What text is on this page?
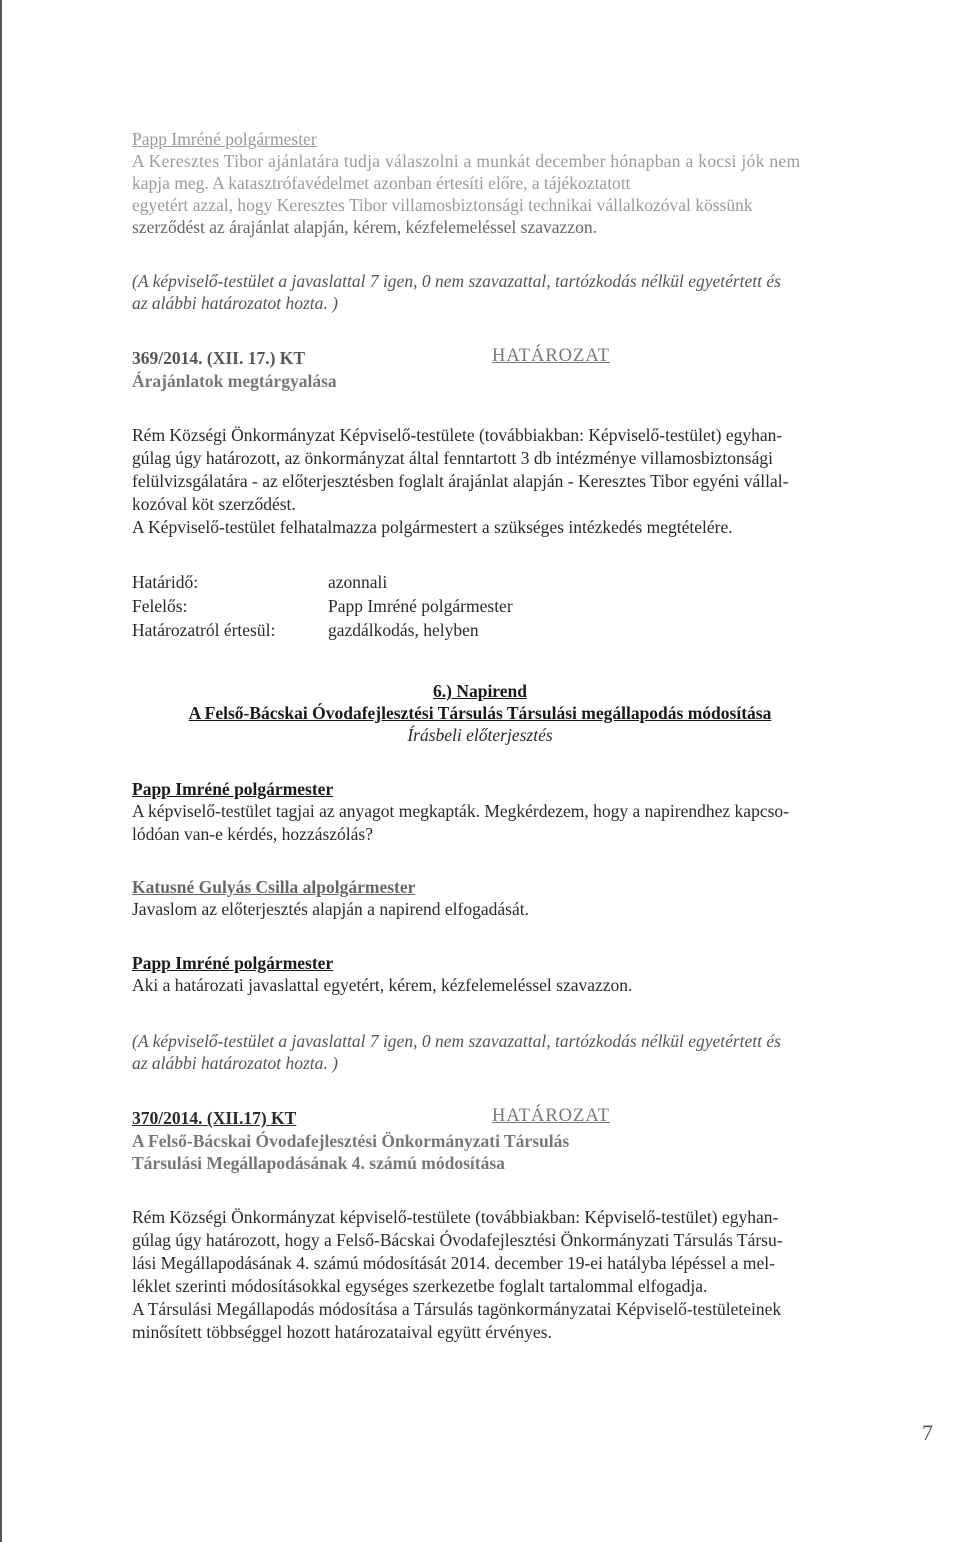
Papp Imréné polgármester
A Keresztes Tibor ajánlatára tudja válaszolni a munkát december hónapban a kocsi jók nem
kapja meg. A katasztrófavédelmet azonban értesíti előre, a tájékoztatott
egyetért azzal, hogy Keresztes Tibor villamosbiztonsági technikai vállalkozóval kössünk
szerződést az árajánlat alapján, kérem, kézfelemeléssel szavazzon.
(A képviselő-testület a javaslattal 7 igen, 0 nem szavazattal, tartózkodás nélkül egyetértett és
az alábbi határozatot hozta. )
369/2014. (XII. 17.) KT	HATÁROZAT
Árajánlatok megtárgyalása
Rém Községi Önkormányzat Képviselő-testülete (továbbiakban: Képviselő-testület) egyhan-
gúlag úgy határozott, az önkormányzat által fenntartott 3 db intézménye villamosbiztonsági
felülvizsgálatára - az előterjesztésben foglalt árajánlat alapján - Keresztes Tibor egyéni vállal-
kozóval köt szerződést.
A Képviselő-testület felhatalmazza polgármestert a szükséges intézkedés megtételére.
Határidő:	azonnali
Felelős:	Papp Imréné polgármester
Határozatról értesül:	gazdálkodás, helyben
6.) Napirend
A Felső-Bácskai Óvodafejlesztési Társulás Társulási megállapodás módosítása
Írásbeli előterjesztés
Papp Imréné polgármester
A képviselő-testület tagjai az anyagot megkapták. Megkérdezem, hogy a napirendhez kapcso-
lódóan van-e kérdés, hozzászólás?
Katusné Gulyás Csilla alpolgármester
Javaslom az előterjesztés alapján a napirend elfogadását.
Papp Imréné polgármester
Aki a határozati javaslattal egyetért, kérem, kézfelemeléssel szavazzon.
(A képviselő-testület a javaslattal 7 igen, 0 nem szavazattal, tartózkodás nélkül egyetértett és
az alábbi határozatot hozta. )
370/2014. (XII.17) KT	HATÁROZAT
A Felső-Bácskai Óvodafejlesztési Önkormányzati Társulás
Társulási Megállapodásának 4. számú módosítása
Rém Községi Önkormányzat képviselő-testülete (továbbiakban: Képviselő-testület) egyhan-
gúlag úgy határozott, hogy a Felső-Bácskai Óvodafejlesztési Önkormányzati Társulás Társu-
lási Megállapodásának 4. számú módosítását 2014. december 19-ei hatályba lépéssel a mel-
léklet szerinti módosításokkal egységes szerkezetbe foglalt tartalommal elfogadja.
A Társulási Megállapodás módosítása a Társulás tagönkormányzatai Képviselő-testületeinek
minősített többséggel hozott határozataival együtt érvényes.
7
